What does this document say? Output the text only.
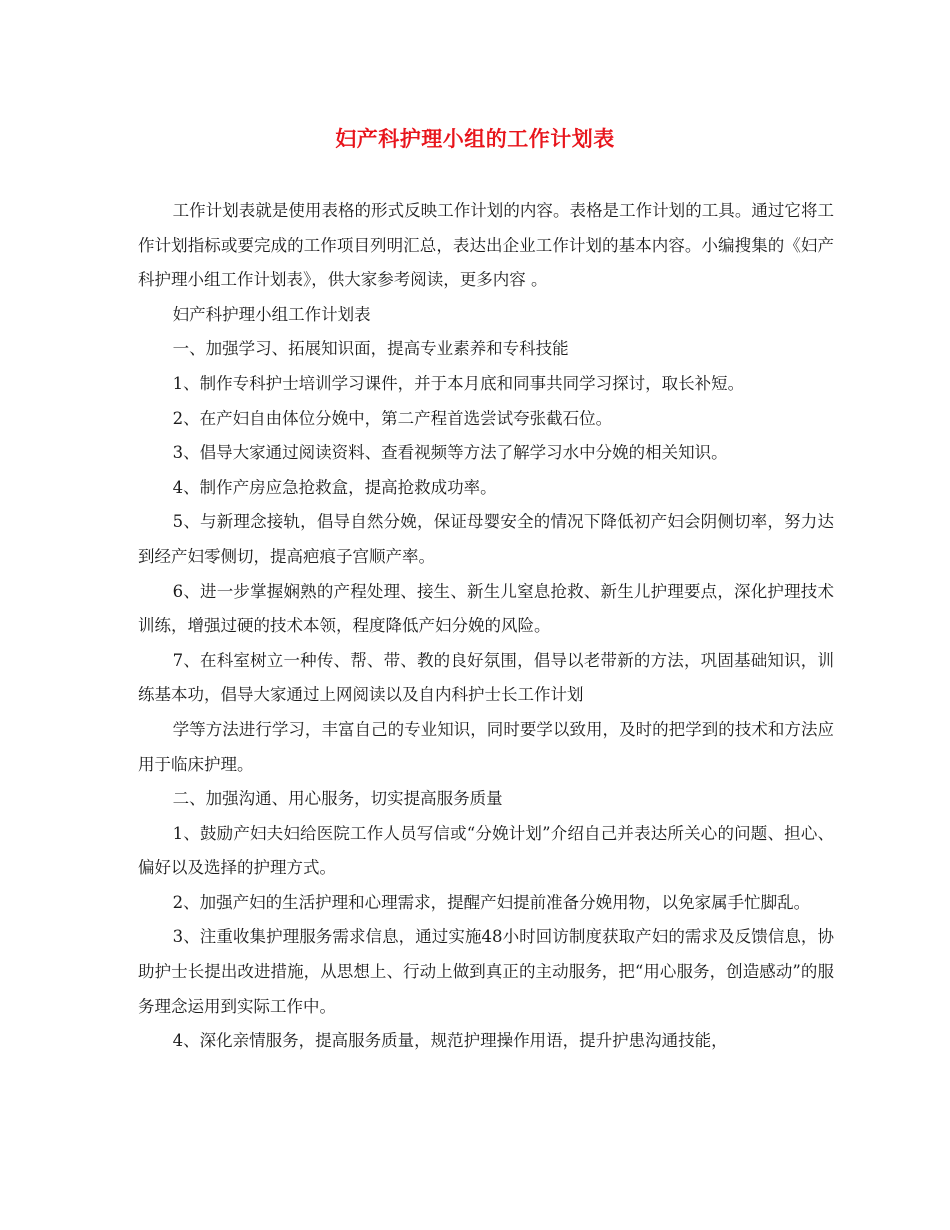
妇产科护理小组的工作计划表

工作计划表就是使用表格的形式反映工作计划的内容。表格是工作计划的工具。通过它将工作计划指标或要完成的工作项目列明汇总，表达出企业工作计划的基本内容。小编搜集的《妇产科护理小组工作计划表》，供大家参考阅读，更多内容 。

妇产科护理小组工作计划表

一、加强学习、拓展知识面，提高专业素养和专科技能

1、制作专科护士培训学习课件，并于本月底和同事共同学习探讨，取长补短。

2、在产妇自由体位分娩中，第二产程首选尝试夸张截石位。

3、倡导大家通过阅读资料、查看视频等方法了解学习水中分娩的相关知识。

4、制作产房应急抢救盒，提高抢救成功率。

5、与新理念接轨，倡导自然分娩，保证母婴安全的情况下降低初产妇会阴侧切率，努力达到经产妇零侧切，提高疤痕子宫顺产率。

6、进一步掌握娴熟的产程处理、接生、新生儿窒息抢救、新生儿护理要点，深化护理技术训练，增强过硬的技术本领，程度降低产妇分娩的风险。

7、在科室树立一种传、帮、带、教的良好氛围，倡导以老带新的方法，巩固基础知识，训练基本功，倡导大家通过上网阅读以及自内科护士长工作计划

学等方法进行学习，丰富自己的专业知识，同时要学以致用，及时的把学到的技术和方法应用于临床护理。

二、加强沟通、用心服务，切实提高服务质量

1、鼓励产妇夫妇给医院工作人员写信或“分娩计划”介绍自己并表达所关心的问题、担心、偏好以及选择的护理方式。

2、加强产妇的生活护理和心理需求，提醒产妇提前准备分娩用物，以免家属手忙脚乱。

3、注重收集护理服务需求信息，通过实施48小时回访制度获取产妇的需求及反馈信息，协助护士长提出改进措施，从思想上、行动上做到真正的主动服务，把“用心服务，创造感动”的服务理念运用到实际工作中。

4、深化亲情服务，提高服务质量，规范护理操作用语，提升护患沟通技能，
